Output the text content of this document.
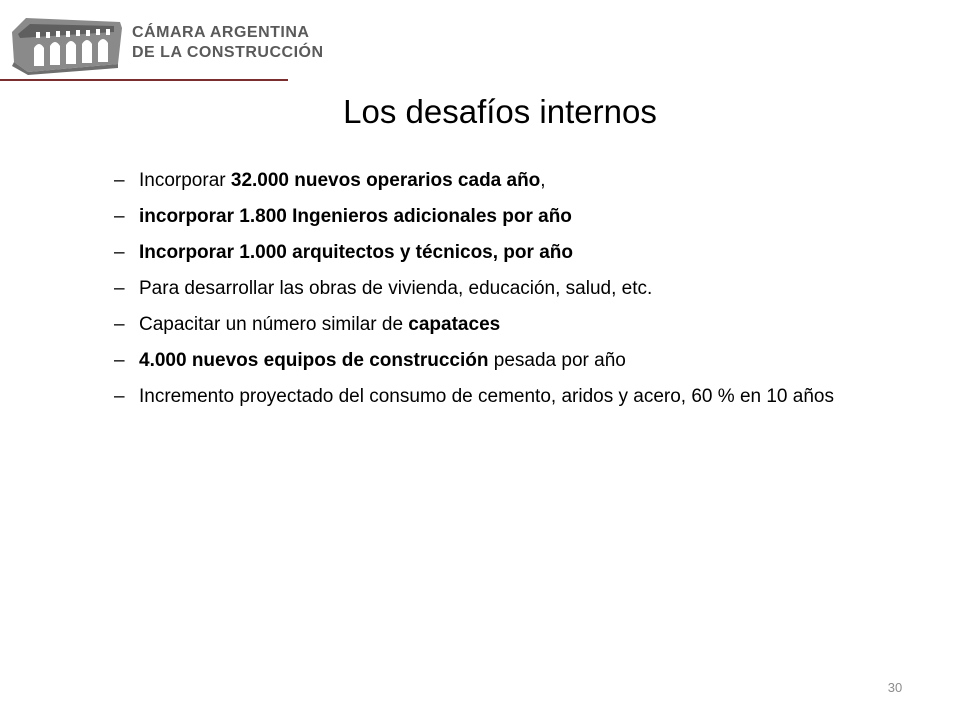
CÁMARA ARGENTINA
DE LA CONSTRUCCIÓN
Los desafíos internos
– Incorporar 32.000 nuevos operarios cada año,
– incorporar 1.800 Ingenieros adicionales por año
– Incorporar 1.000 arquitectos y técnicos, por año
– Para desarrollar las obras de vivienda, educación, salud, etc.
– Capacitar un número similar de capataces
– 4.000 nuevos equipos de construcción pesada por año
– Incremento proyectado del consumo de cemento, aridos y acero, 60 % en 10 años
30
